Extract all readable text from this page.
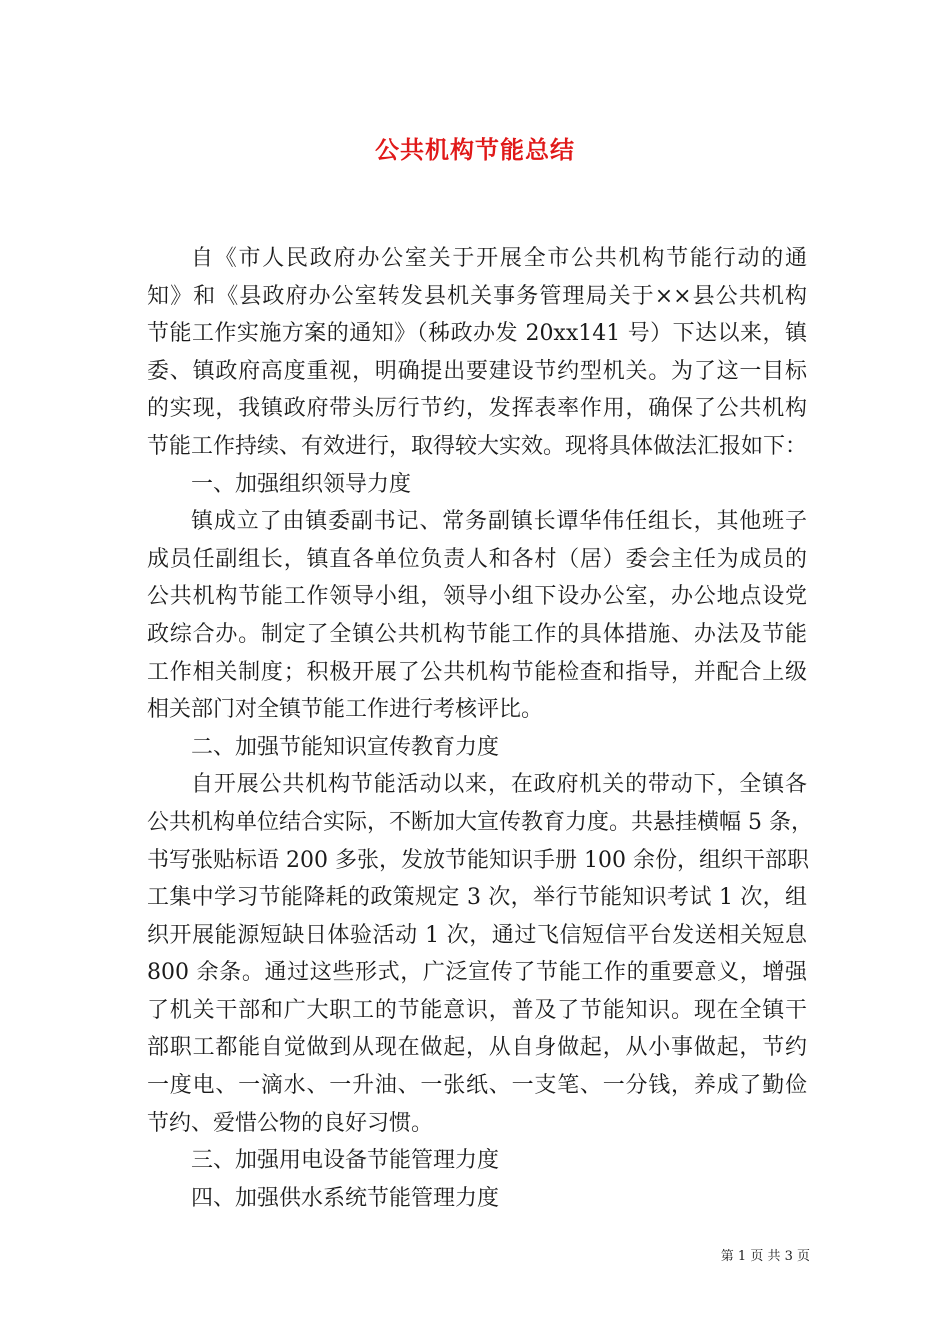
公共机构节能总结
自《市人民政府办公室关于开展全市公共机构节能行动的通
知》和《县政府办公室转发县机关事务管理局关于××县公共机构
节能工作实施方案的通知》（秭政办发 20xx141 号）下达以来，镇
委、镇政府高度重视，明确提出要建设节约型机关。为了这一目标
的实现，我镇政府带头厉行节约，发挥表率作用，确保了公共机构
节能工作持续、有效进行，取得较大实效。现将具体做法汇报如下：
一、加强组织领导力度
镇成立了由镇委副书记、常务副镇长谭华伟任组长，其他班子
成员任副组长，镇直各单位负责人和各村（居）委会主任为成员的
公共机构节能工作领导小组，领导小组下设办公室，办公地点设党
政综合办。制定了全镇公共机构节能工作的具体措施、办法及节能
工作相关制度；积极开展了公共机构节能检查和指导，并配合上级
相关部门对全镇节能工作进行考核评比。
二、加强节能知识宣传教育力度
自开展公共机构节能活动以来，在政府机关的带动下，全镇各
公共机构单位结合实际，不断加大宣传教育力度。共悬挂横幅 5 条，
书写张贴标语 200 多张，发放节能知识手册 100 余份，组织干部职
工集中学习节能降耗的政策规定 3 次，举行节能知识考试 1 次，组
织开展能源短缺日体验活动 1 次，通过飞信短信平台发送相关短息
800 余条。通过这些形式，广泛宣传了节能工作的重要意义，增强
了机关干部和广大职工的节能意识，普及了节能知识。现在全镇干
部职工都能自觉做到从现在做起，从自身做起，从小事做起，节约
一度电、一滴水、一升油、一张纸、一支笔、一分钱，养成了勤俭
节约、爱惜公物的良好习惯。
三、加强用电设备节能管理力度
四、加强供水系统节能管理力度
第 1 页 共 3 页
